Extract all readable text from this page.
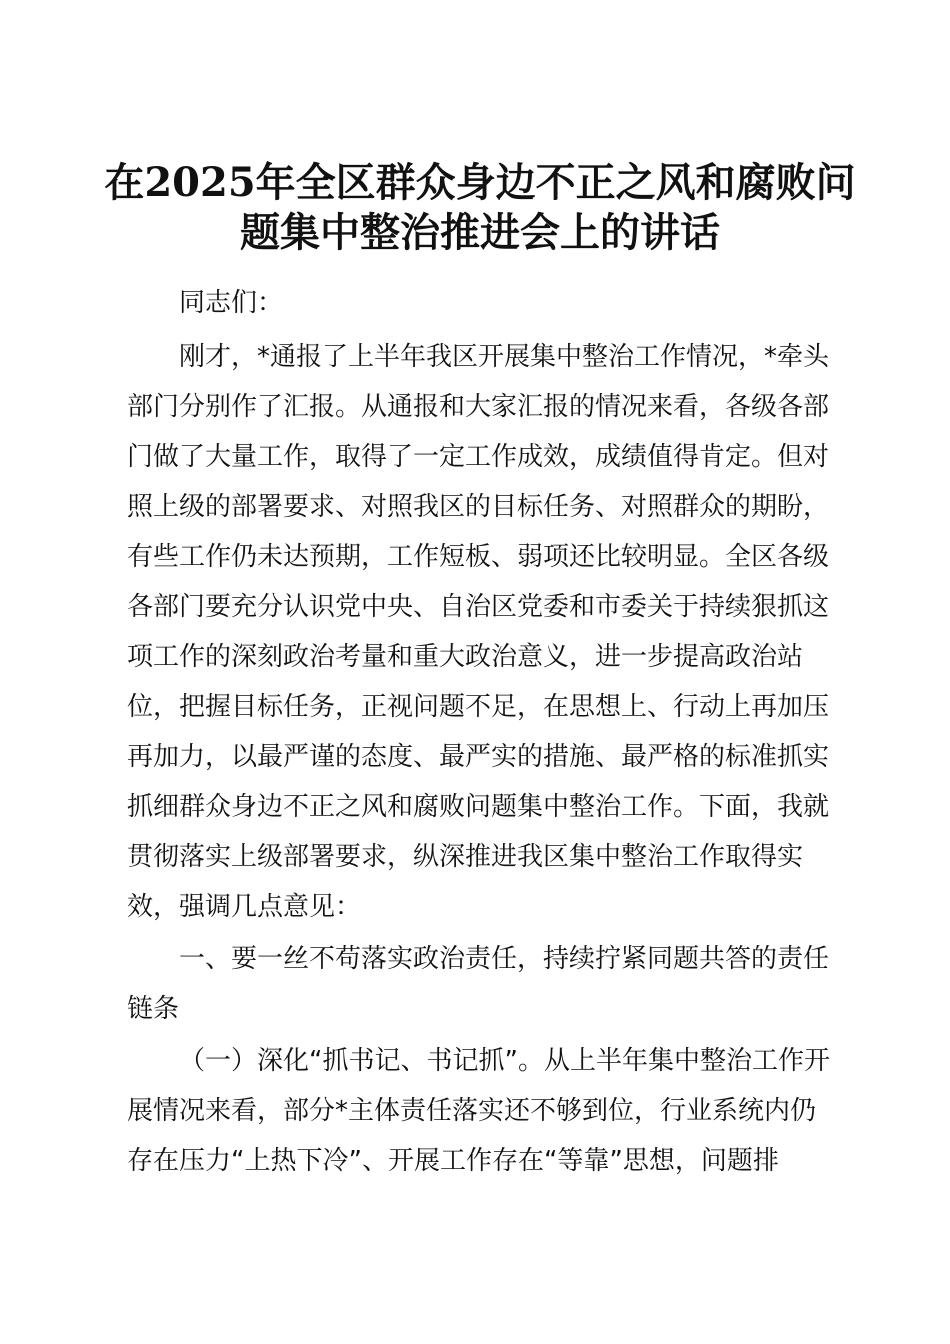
在2025年全区群众身边不正之风和腐败问题集中整治推进会上的讲话

同志们：

刚才，*通报了上半年我区开展集中整治工作情况，*牵头部门分别作了汇报。从通报和大家汇报的情况来看，各级各部门做了大量工作，取得了一定工作成效，成绩值得肯定。但对照上级的部署要求、对照我区的目标任务、对照群众的期盼，有些工作仍未达预期，工作短板、弱项还比较明显。全区各级各部门要充分认识党中央、自治区党委和市委关于持续狠抓这项工作的深刻政治考量和重大政治意义，进一步提高政治站位，把握目标任务，正视问题不足，在思想上、行动上再加压再加力，以最严谨的态度、最严实的措施、最严格的标准抓实抓细群众身边不正之风和腐败问题集中整治工作。下面，我就贯彻落实上级部署要求，纵深推进我区集中整治工作取得实效，强调几点意见：

一、要一丝不苟落实政治责任，持续拧紧同题共答的责任链条

（一）深化“抓书记、书记抓”。从上半年集中整治工作开展情况来看，部分*主体责任落实还不够到位，行业系统内仍存在压力“上热下冷”、开展工作存在“等靠”思想，问题排
